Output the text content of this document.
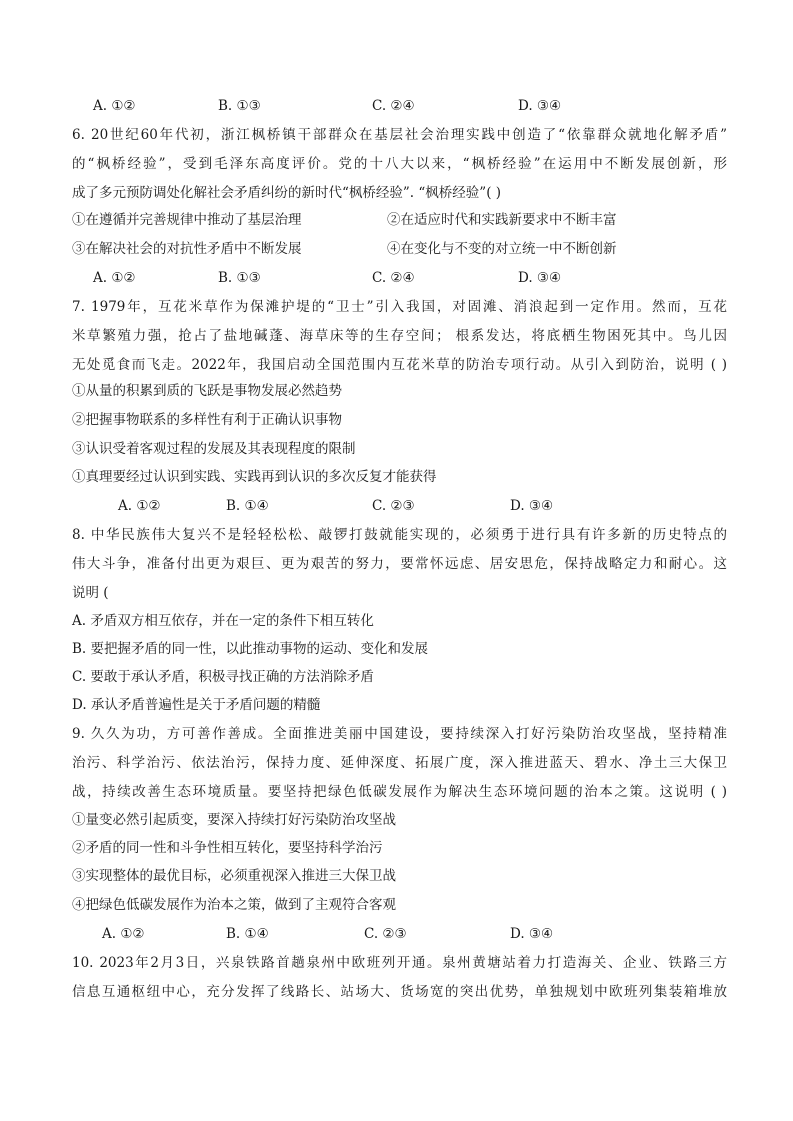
A. ①②	B. ①③	C. ②④	D. ③④
6. 20世纪60年代初，浙江枫桥镇干部群众在基层社会治理实践中创造了“依靠群众就地化解矛盾”
的“枫桥经验”，受到毛泽东高度评价。党的十八大以来，“枫桥经验”在运用中不断发展创新，形
成了多元预防调处化解社会矛盾纠纷的新时代“枫桥经验”. “枫桥经验”( )
①在遵循并完善规律中推动了基层治理	②在适应时代和实践新要求中不断丰富
③在解决社会的对抗性矛盾中不断发展	④在变化与不变的对立统一中不断创新
A. ①②	B. ①③	C. ②④	D. ③④
7. 1979年，互花米草作为保滩护堤的“卫士”引入我国，对固滩、消浪起到一定作用。然而，互花
米草繁殖力强，抢占了盐地碱蓬、海草床等的生存空间； 根系发达，将底栖生物困死其中。鸟儿因
无处觅食而飞走。2022年，我国启动全国范围内互花米草的防治专项行动。从引入到防治，说明 ( )
①从量的积累到质的飞跃是事物发展必然趋势
②把握事物联系的多样性有利于正确认识事物
③认识受着客观过程的发展及其表现程度的限制
①真理要经过认识到实践、实践再到认识的多次反复才能获得
A. ①②	B. ①④	C. ②③	D. ③④
8. 中华民族伟大复兴不是轻轻松松、敲锣打鼓就能实现的，必须勇于进行具有许多新的历史特点的
伟大斗争，准备付出更为艰巨、更为艰苦的努力，要常怀远虑、居安思危，保持战略定力和耐心。这
说明 (
A. 矛盾双方相互依存，并在一定的条件下相互转化
B. 要把握矛盾的同一性，以此推动事物的运动、变化和发展
C. 要敢于承认矛盾，积极寻找正确的方法消除矛盾
D. 承认矛盾普遍性是关于矛盾问题的精髓
9. 久久为功，方可善作善成。全面推进美丽中国建设，要持续深入打好污染防治攻坚战，坚持精准
治污、科学治污、依法治污，保持力度、延伸深度、拓展广度，深入推进蓝天、碧水、净土三大保卫
战，持续改善生态环境质量。要坚持把绿色低碳发展作为解决生态环境问题的治本之策。这说明 ( )
①量变必然引起质变，要深入持续打好污染防治攻坚战
②矛盾的同一性和斗争性相互转化，要坚持科学治污
③实现整体的最优目标，必须重视深入推进三大保卫战
④把绿色低碳发展作为治本之策，做到了主观符合客观
A. ①②	B. ①④	C. ②③	D. ③④
10. 2023年2月3日，兴泉铁路首趟泉州中欧班列开通。泉州黄塘站着力打造海关、企业、铁路三方
信息互通枢纽中心，充分发挥了线路长、站场大、货场宽的突出优势，单独规划中欧班列集装箱堆放
